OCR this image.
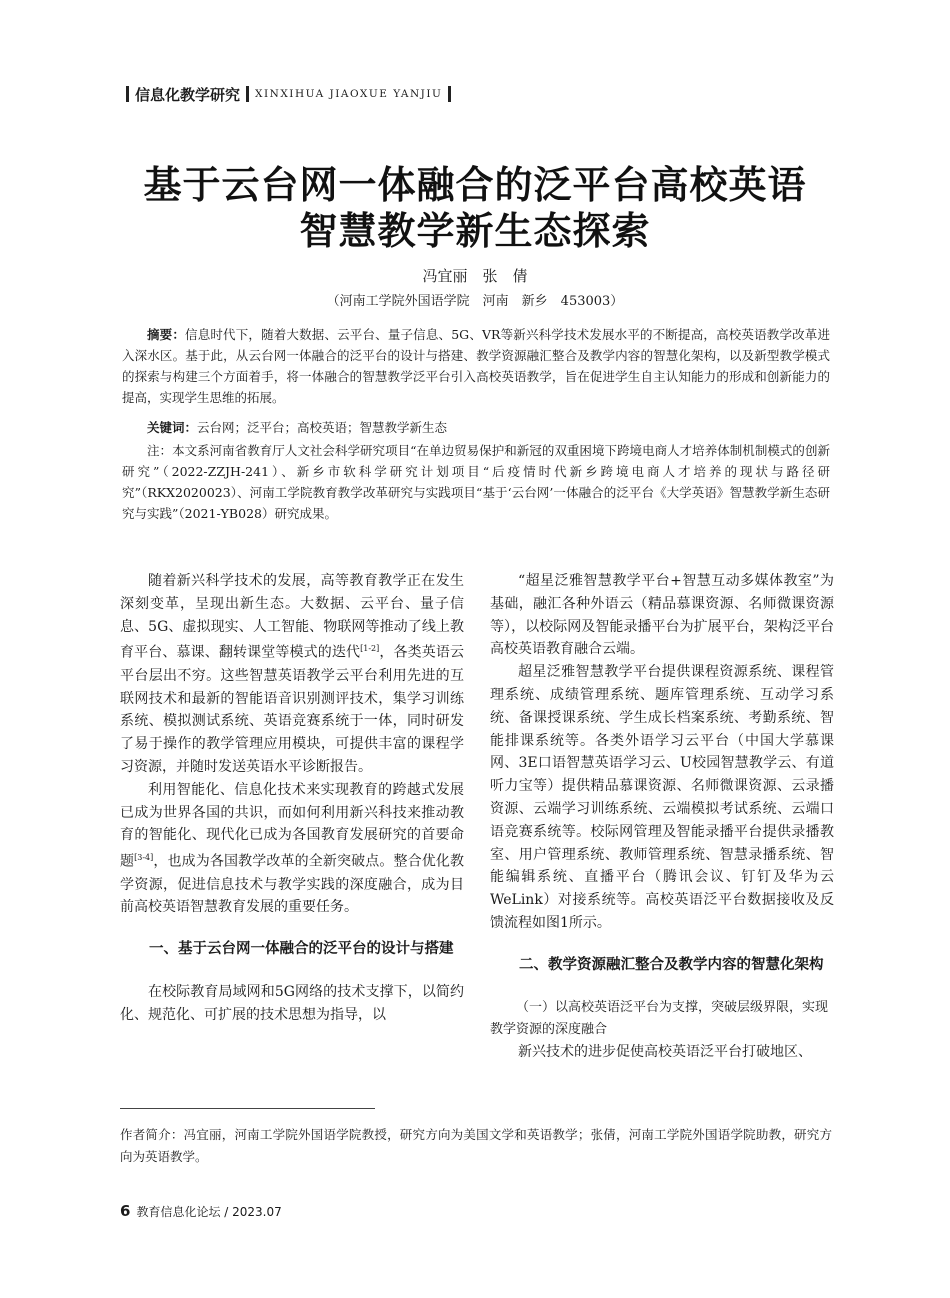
信息化教学研究 XINXIHUA JIAOXUE YANJIU
基于云台网一体融合的泛平台高校英语
智慧教学新生态探索
冯宜丽　张　倩
（河南工学院外国语学院　河南　新乡　453003）

摘要：信息时代下，随着大数据、云平台、量子信息、5G、VR等新兴科学技术发展水平的不断提高，高校英语教学改革进入深水区。基于此，从云台网一体融合的泛平台的设计与搭建、教学资源融汇整合及教学内容的智慧化架构，以及新型教学模式的探索与构建三个方面着手，将一体融合的智慧教学泛平台引入高校英语教学，旨在促进学生自主认知能力的形成和创新能力的提高，实现学生思维的拓展。

关键词：云台网；泛平台；高校英语；智慧教学新生态

注：本文系河南省教育厅人文社会科学研究项目“在单边贸易保护和新冠的双重困境下跨境电商人才培养体制机制模式的创新研究”（2022-ZZJH-241）、新乡市软科学研究计划项目“后疫情时代新乡跨境电商人才培养的现状与路径研究”（RKX2020023）、河南工学院教育教学改革研究与实践项目“基于‘云台网’一体融合的泛平台《大学英语》智慧教学新生态研究与实践”（2021-YB028）研究成果。

随着新兴科学技术的发展，高等教育教学正在发生深刻变革，呈现出新生态。大数据、云平台、量子信息、5G、虚拟现实、人工智能、物联网等推动了线上教育平台、慕课、翻转课堂等模式的迭代[1-2]，各类英语云平台层出不穷。这些智慧英语教学云平台利用先进的互联网技术和最新的智能语音识别测评技术，集学习训练系统、模拟测试系统、英语竞赛系统于一体，同时研发了易于操作的教学管理应用模块，可提供丰富的课程学习资源，并随时发送英语水平诊断报告。

利用智能化、信息化技术来实现教育的跨越式发展已成为世界各国的共识，而如何利用新兴科技来推动教育的智能化、现代化已成为各国教育发展研究的首要命题[3-4]，也成为各国教学改革的全新突破点。整合优化教学资源，促进信息技术与教学实践的深度融合，成为目前高校英语智慧教育发展的重要任务。

一、基于云台网一体融合的泛平台的设计与搭建

在校际教育局域网和5G网络的技术支撑下，以简约化、规范化、可扩展的技术思想为指导，以

“超星泛雅智慧教学平台+智慧互动多媒体教室”为基础，融汇各种外语云（精品慕课资源、名师微课资源等），以校际网及智能录播平台为扩展平台，架构泛平台高校英语教育融合云端。

超星泛雅智慧教学平台提供课程资源系统、课程管理系统、成绩管理系统、题库管理系统、互动学习系统、备课授课系统、学生成长档案系统、考勤系统、智能排课系统等。各类外语学习云平台（中国大学慕课网、3E口语智慧英语学习云、U校园智慧教学云、有道听力宝等）提供精品慕课资源、名师微课资源、云录播资源、云端学习训练系统、云端模拟考试系统、云端口语竞赛系统等。校际网管理及智能录播平台提供录播教室、用户管理系统、教师管理系统、智慧录播系统、智能编辑系统、直播平台（腾讯会议、钉钉及华为云WeLink）对接系统等。高校英语泛平台数据接收及反馈流程如图1所示。

二、教学资源融汇整合及教学内容的智慧化架构
（一）以高校英语泛平台为支撑，突破层级界限，实现教学资源的深度融合

新兴技术的进步促使高校英语泛平台打破地区、

作者简介：冯宜丽，河南工学院外国语学院教授，研究方向为美国文学和英语教学；张倩，河南工学院外国语学院助教，研究方向为英语教学。

6 教育信息化论坛 / 2023.07
